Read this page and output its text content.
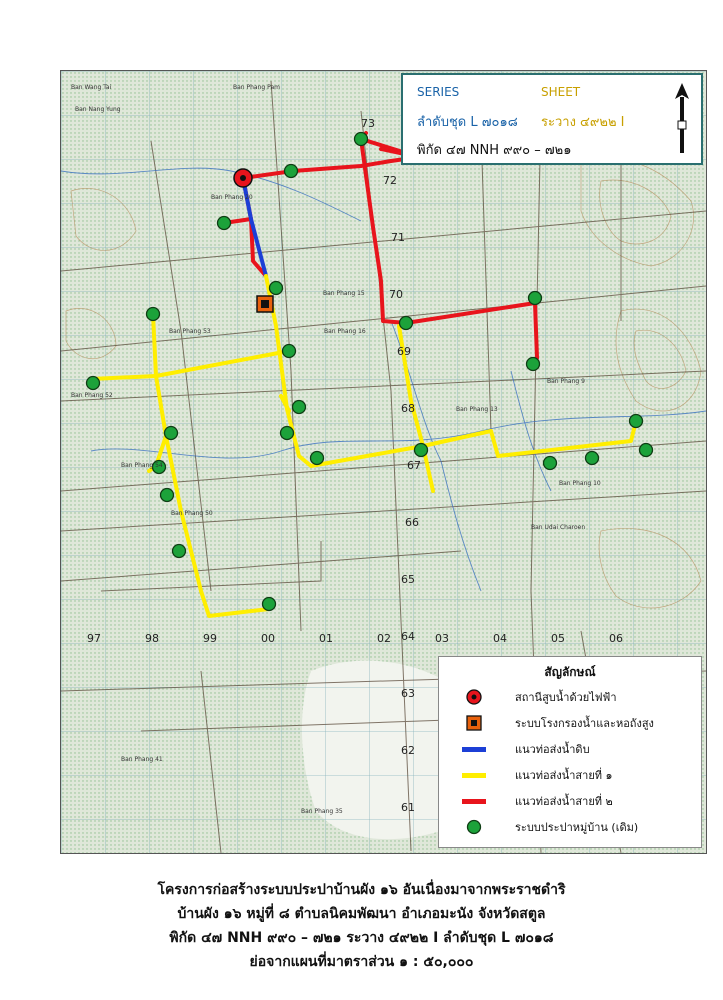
Ban Wang Tai
Ban Nang Yung
Ban Phang Pam
Ban Phang 20
Ban Phang 15
Ban Phang 16
Ban Phang 53
Ban Phang 52
Ban Phang 54
Ban Phang 50
Ban Phang 13
Ban Phang 9
Ban Phang 10
Ban Udai Charoen
Ban Phang 35
Ban Phang 41
73
72
71
70
69
68
67
66
65
64
63
62
61
97	98	99	00	01	02	03	04	05	06
SERIES	SHEET
ลำดับชุด L ๗๐๑๘ ระวาง ๔๙๒๒ I
พิกัด ๔๗ NNH ๙๙๐ – ๗๒๑
สัญลักษณ์
สถานีสูบน้ำด้วยไฟฟ้า
ระบบโรงกรองน้ำและหอถังสูง
แนวท่อส่งน้ำดิบ
แนวท่อส่งน้ำสายที่ ๑
แนวท่อส่งน้ำสายที่ ๒
ระบบประปาหมู่บ้าน (เดิม)
โครงการก่อสร้างระบบประปาบ้านผัง ๑๖ อันเนื่องมาจากพระราชดำริ
บ้านผัง ๑๖ หมู่ที่ ๘ ตำบลนิคมพัฒนา อำเภอมะนัง จังหวัดสตูล
พิกัด ๔๗ NNH ๙๙๐ – ๗๒๑ ระวาง ๔๙๒๒ I ลำดับชุด L ๗๐๑๘
ย่อจากแผนที่มาตราส่วน ๑ : ๕๐,๐๐๐
